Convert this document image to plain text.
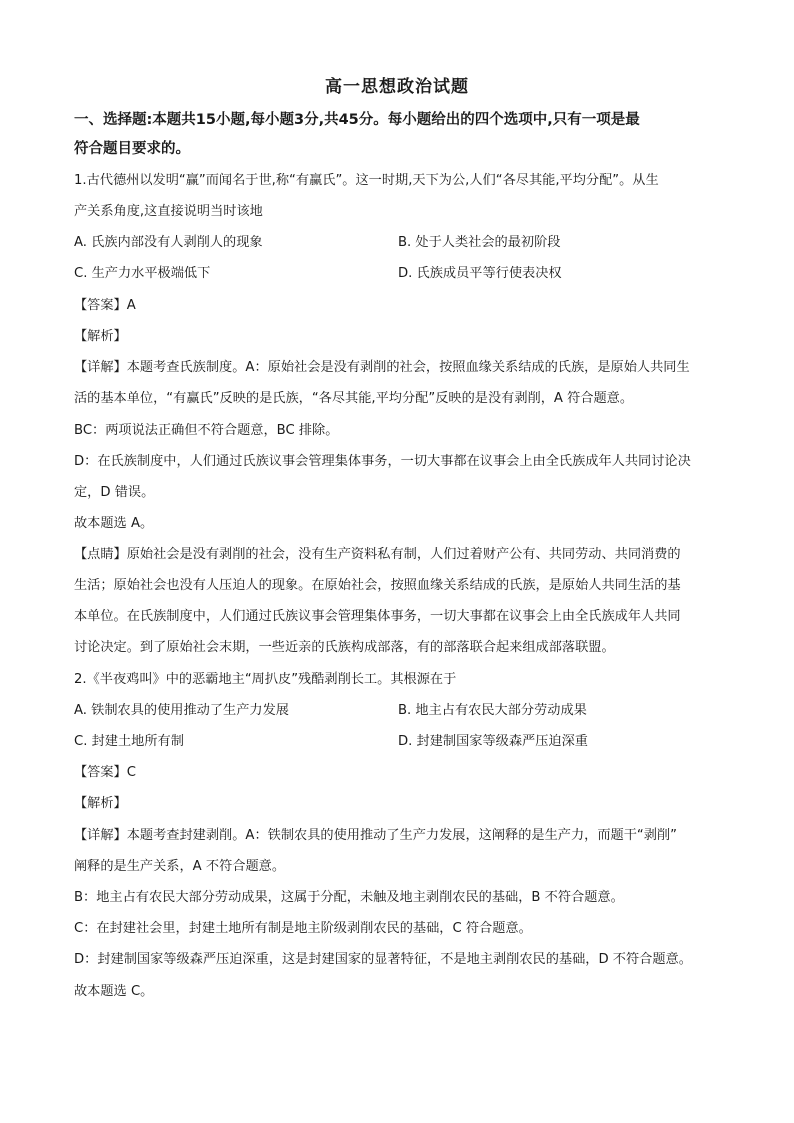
高一思想政治试题
一、选择题:本题共15小题,每小题3分,共45分。每小题给出的四个选项中,只有一项是最
符合题目要求的。
1.古代德州以发明“赢”而闻名于世,称“有赢氏”。这一时期,天下为公,人们“各尽其能,平均分配”。从生
产关系角度,这直接说明当时该地
A. 氏族内部没有人剥削人的现象	B. 处于人类社会的最初阶段
C. 生产力水平极端低下	D. 氏族成员平等行使表决权
【答案】A
【解析】
【详解】本题考查氏族制度。A：原始社会是没有剥削的社会，按照血缘关系结成的氏族，是原始人共同生
活的基本单位，“有赢氏”反映的是氏族，“各尽其能,平均分配”反映的是没有剥削，A 符合题意。
BC：两项说法正确但不符合题意，BC 排除。
D：在氏族制度中，人们通过氏族议事会管理集体事务，一切大事都在议事会上由全氏族成年人共同讨论决
定，D 错误。
故本题选 A。
【点睛】原始社会是没有剥削的社会，没有生产资料私有制，人们过着财产公有、共同劳动、共同消费的
生活；原始社会也没有人压迫人的现象。在原始社会，按照血缘关系结成的氏族，是原始人共同生活的基
本单位。在氏族制度中，人们通过氏族议事会管理集体事务，一切大事都在议事会上由全氏族成年人共同
讨论决定。到了原始社会末期，一些近亲的氏族构成部落，有的部落联合起来组成部落联盟。
2.《半夜鸡叫》中的恶霸地主“周扒皮”残酷剥削长工。其根源在于
A. 铁制农具的使用推动了生产力发展	B. 地主占有农民大部分劳动成果
C. 封建土地所有制	D. 封建制国家等级森严压迫深重
【答案】C
【解析】
【详解】本题考查封建剥削。A：铁制农具的使用推动了生产力发展，这阐释的是生产力，而题干“剥削”
阐释的是生产关系，A 不符合题意。
B：地主占有农民大部分劳动成果，这属于分配，未触及地主剥削农民的基础，B 不符合题意。
C：在封建社会里，封建土地所有制是地主阶级剥削农民的基础，C 符合题意。
D：封建制国家等级森严压迫深重，这是封建国家的显著特征，不是地主剥削农民的基础，D 不符合题意。
故本题选 C。
